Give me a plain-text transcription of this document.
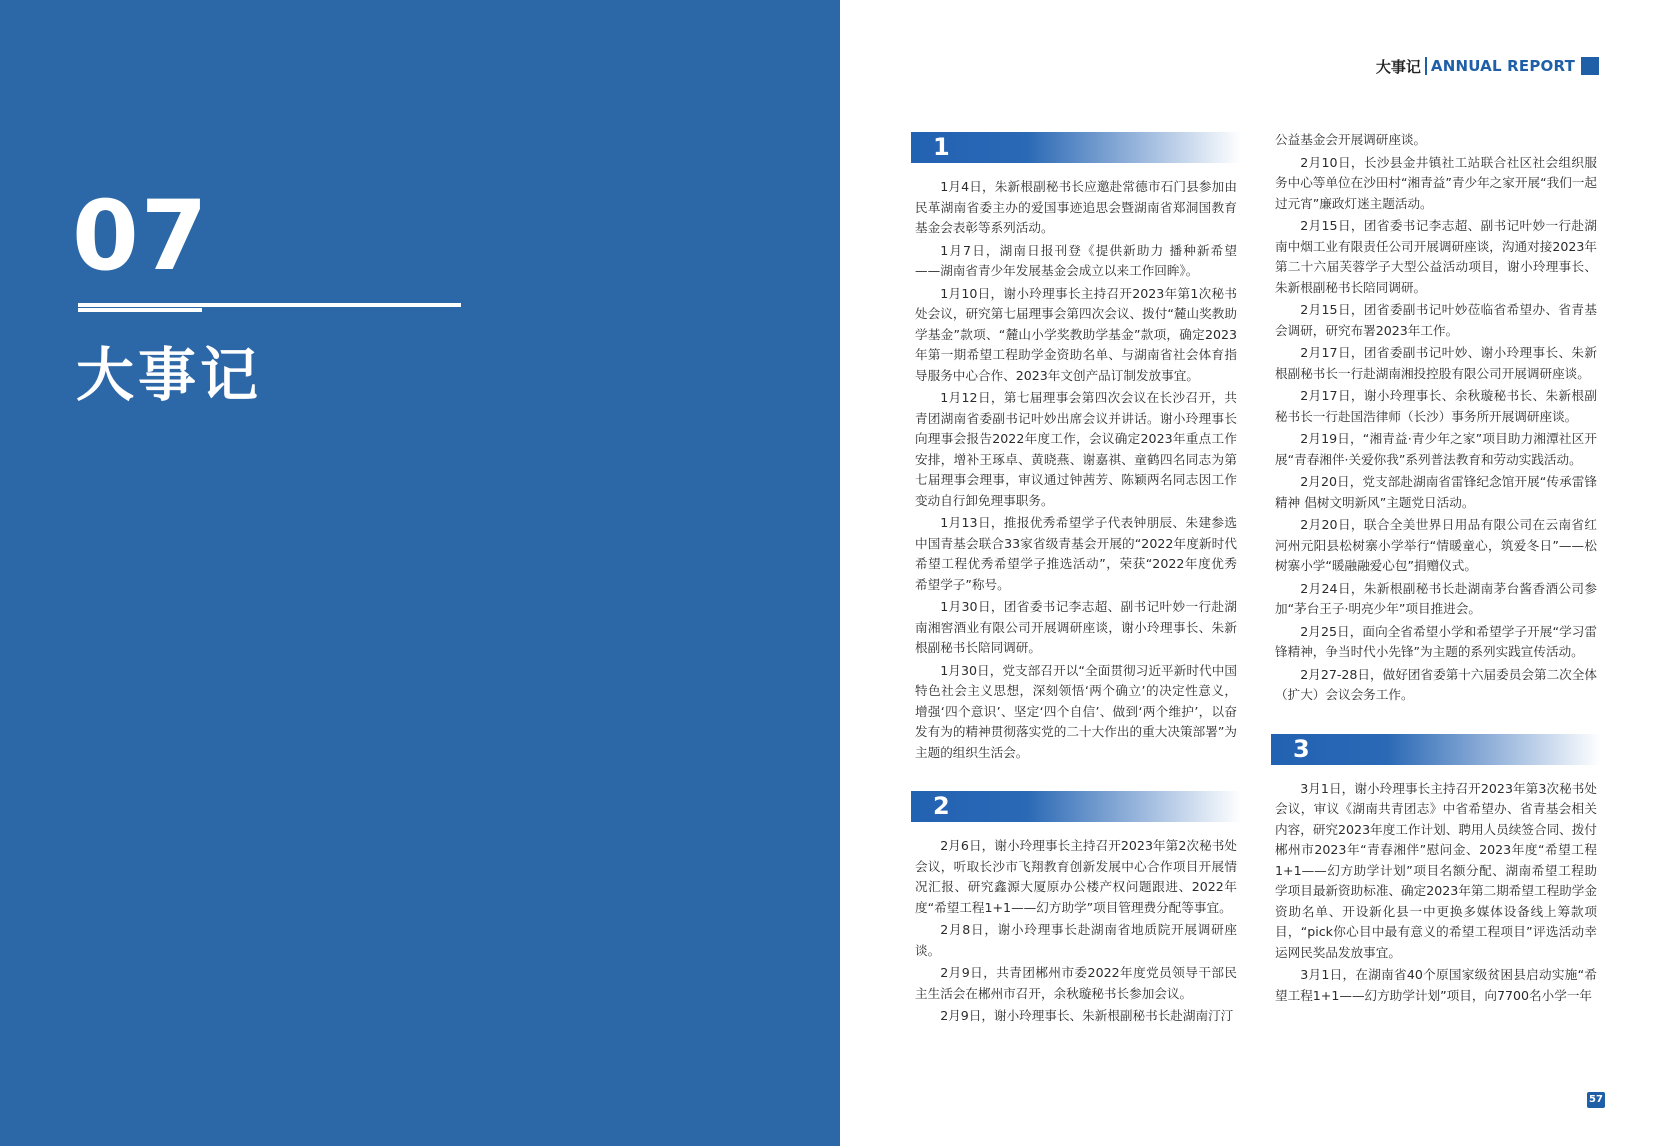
07
大事记
大事记 ANNUAL REPORT
1

1月4日，朱新根副秘书长应邀赴常德市石门县参加由民革湖南省委主办的爱国事迹追思会暨湖南省郑洞国教育基金会表彰等系列活动。

1月7日，湖南日报刊登《提供新助力 播种新希望——湖南省青少年发展基金会成立以来工作回眸》。

1月10日，谢小玲理事长主持召开2023年第1次秘书处会议，研究第七届理事会第四次会议、拨付“麓山奖教助学基金”款项、“麓山小学奖教助学基金”款项，确定2023年第一期希望工程助学金资助名单、与湖南省社会体育指导服务中心合作、2023年文创产品订制发放事宜。

1月12日，第七届理事会第四次会议在长沙召开，共青团湖南省委副书记叶妙出席会议并讲话。谢小玲理事长向理事会报告2022年度工作，会议确定2023年重点工作安排，增补王琢卓、黄晓燕、谢嘉祺、童鹤四名同志为第七届理事会理事，审议通过钟茜芳、陈颖两名同志因工作变动自行卸免理事职务。

1月13日，推报优秀希望学子代表钟朋辰、朱建参选中国青基会联合33家省级青基会开展的“2022年度新时代希望工程优秀希望学子推选活动”，荣获“2022年度优秀希望学子”称号。

1月30日，团省委书记李志超、副书记叶妙一行赴湖南湘窖酒业有限公司开展调研座谈，谢小玲理事长、朱新根副秘书长陪同调研。

1月30日，党支部召开以“全面贯彻习近平新时代中国特色社会主义思想，深刻领悟‘两个确立’的决定性意义，增强‘四个意识’、坚定‘四个自信’、做到‘两个维护’，以奋发有为的精神贯彻落实党的二十大作出的重大决策部署”为主题的组织生活会。

2

2月6日，谢小玲理事长主持召开2023年第2次秘书处会议，听取长沙市飞翔教育创新发展中心合作项目开展情况汇报、研究鑫源大厦原办公楼产权问题跟进、2022年度“希望工程1+1——幻方助学”项目管理费分配等事宜。

2月8日，谢小玲理事长赴湖南省地质院开展调研座谈。

2月9日，共青团郴州市委2022年度党员领导干部民主生活会在郴州市召开，余秋璇秘书长参加会议。

2月9日，谢小玲理事长、朱新根副秘书长赴湖南汀汀

公益基金会开展调研座谈。

2月10日，长沙县金井镇社工站联合社区社会组织服务中心等单位在沙田村“湘青益”青少年之家开展“我们一起过元宵”廉政灯迷主题活动。

2月15日，团省委书记李志超、副书记叶妙一行赴湖南中烟工业有限责任公司开展调研座谈，沟通对接2023年第二十六届芙蓉学子大型公益活动项目，谢小玲理事长、朱新根副秘书长陪同调研。

2月15日，团省委副书记叶妙莅临省希望办、省青基会调研，研究布署2023年工作。

2月17日，团省委副书记叶妙、谢小玲理事长、朱新根副秘书长一行赴湖南湘投控股有限公司开展调研座谈。

2月17日，谢小玲理事长、余秋璇秘书长、朱新根副秘书长一行赴国浩律师（长沙）事务所开展调研座谈。

2月19日，“湘青益·青少年之家”项目助力湘潭社区开展“青春湘伴·关爱你我”系列普法教育和劳动实践活动。

2月20日，党支部赴湖南省雷锋纪念馆开展“传承雷锋精神 倡树文明新风”主题党日活动。

2月20日，联合全美世界日用品有限公司在云南省红河州元阳县松树寨小学举行“情暖童心，筑爱冬日”——松树寨小学“暖融融爱心包”捐赠仪式。

2月24日，朱新根副秘书长赴湖南茅台酱香酒公司参加“茅台王子·明亮少年”项目推进会。

2月25日，面向全省希望小学和希望学子开展“学习雷锋精神，争当时代小先锋”为主题的系列实践宣传活动。

2月27-28日，做好团省委第十六届委员会第二次全体（扩大）会议会务工作。

3

3月1日，谢小玲理事长主持召开2023年第3次秘书处会议，审议《湖南共青团志》中省希望办、省青基会相关内容，研究2023年度工作计划、聘用人员续签合同、拨付郴州市2023年“青春湘伴”慰问金、2023年度“希望工程1+1——幻方助学计划”项目名额分配、湖南希望工程助学项目最新资助标准、确定2023年第二期希望工程助学金资助名单、开设新化县一中更换多媒体设备线上筹款项目，“pick你心目中最有意义的希望工程项目”评选活动幸运网民奖品发放事宜。

3月1日，在湖南省40个原国家级贫困县启动实施“希望工程1+1——幻方助学计划”项目，向7700名小学一年

57
